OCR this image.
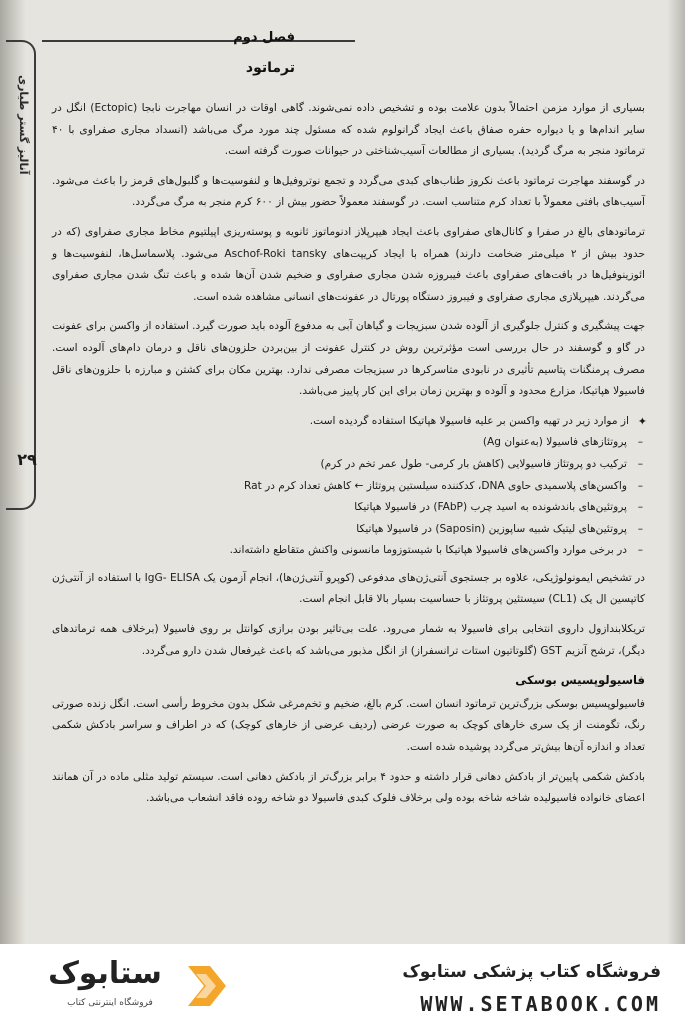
آنالیز گستر طیاری
۲۹
فصل دوم
ترماتود

بسیاری از موارد مزمن احتمالاً بدون علامت بوده و تشخیص داده نمی‌شوند. گاهی اوقات در انسان مهاجرت نابجا (Ectopic) انگل در سایر اندام‌ها و یا دیواره حفره صفاق باعث ایجاد گرانولوم شده که مسئول چند مورد مرگ می‌باشد (انسداد مجاری صفراوی با ۴۰ ترماتود منجر به مرگ گردید). بسیاری از مطالعات آسیب‌شناختی در حیوانات صورت گرفته است.

در گوسفند مهاجرت ترماتود باعث نکروز طناب‌های کبدی می‌گردد و تجمع نوتروفیل‌ها و لنفوسیت‌ها و گلبول‌های قرمز را باعث می‌شود. آسیب‌های بافتی معمولاً با تعداد کرم متناسب است. در گوسفند معمولاً حضور بیش از ۶۰۰ کرم منجر به مرگ می‌گردد.

ترماتودهای بالغ در صفرا و کانال‌های صفراوی باعث ایجاد هیپرپلاز ادنوماتوز ثانویه و پوسته‌ریزی اپیلتیوم مخاط مجاری صفراوی (که در حدود بیش از ۲ میلی‌متر ضخامت دارند) همراه با ایجاد کریپت‌های Aschof-Roki tansky می‌شود. پلاسماسل‌ها، لنفوسیت‌ها و ائوزینوفیل‌ها در بافت‌های صفراوی باعث فیبروزه شدن مجاری صفراوی و ضخیم شدن آن‌ها شده و باعث تنگ شدن مجاری صفراوی می‌گردند. هیپرپلازی مجاری صفراوی و فیبروز دستگاه پورتال در عفونت‌های انسانی مشاهده شده است.

جهت پیشگیری و کنترل جلوگیری از آلوده شدن سبزیجات و گیاهان آبی به مدفوع آلوده باید صورت گیرد. استفاده از واکسن برای عفونت در گاو و گوسفند در حال بررسی است مؤثرترین روش در کنترل عفونت از بین‌بردن حلزون‌های ناقل و درمان دام‌های آلوده است. مصرف پرمنگنات پتاسیم تأثیری در نابودی متاسرکرها در سبزیجات مصرفی ندارد. بهترین مکان برای کشتن و مبارزه با حلزون‌های ناقل فاسیولا هپاتیکا، مزارع محدود و آلوده و بهترین زمان برای این کار پاییز می‌باشد.

✦
از موارد زیر در تهیه واکسن بر علیه فاسیولا هپاتیکا استفاده گردیده است.
– پروتئازهای فاسیولا (به‌عنوان Ag)
– ترکیب دو پروتئاز فاسیولایی (کاهش بار کرمی- طول عمر تخم در کرم)
– واکسن‌های پلاسمیدی حاوی DNA، کدکننده سیلستین پروتئاز ← کاهش تعداد کرم در Rat
– پروتئین‌های باندشونده به اسید چرب (FAbP) در فاسیولا هپاتیکا
– پروتئین‌های لیتیک شبیه ساپوزین (Saposin) در فاسیولا هپاتیکا
– در برخی موارد واکسن‌های فاسیولا هپاتیکا با شیستوزوما مانسونی واکنش متقاطع داشته‌اند.

در تشخیص ایمونولوژیکی، علاوه بر جستجوی آنتی‌ژن‌های مدفوعی (کوپرو آنتی‌ژن‌ها)، انجام آزمون یک IgG- ELISA با استفاده از آنتی‌ژن کاتپسین ال یک (CL1) سیستئین پروتئاز با حساسیت بسیار بالا قابل انجام است.

تریکلابندازول داروی انتخابی برای فاسیولا به شمار می‌رود. علت بی‌تاثیر بودن برازی کوانتل بر روی فاسیولا (برخلاف همه ترماتدهای دیگر)، ترشح آنزیم GST (گلوتاتیون استات ترانسفراز) از انگل مذبور می‌باشد که باعث غیرفعال شدن دارو می‌گردد.

فاسیولوپسیس بوسکی

فاسیولوپسیس بوسکی بزرگ‌ترین ترماتود انسان است. کرم بالغ، ضخیم و تخم‌مرغی شکل بدون مخروط رأسی است. انگل زنده صورتی رنگ، تگومنت از یک سری خارهای کوچک به صورت عرضی (ردیف عرضی از خارهای کوچک) که در اطراف و سراسر بادکش شکمی تعداد و اندازه آن‌ها بیش‌تر می‌گردد پوشیده شده است.

بادکش شکمی پایین‌تر از بادکش دهانی قرار داشته و حدود ۴ برابر بزرگ‌تر از بادکش دهانی است. سیستم تولید مثلی ماده در آن همانند اعضای خانواده فاسیولیده شاخه شاخه بوده ولی برخلاف فلوک کبدی فاسیولا دو شاخه روده فاقد انشعاب می‌باشد.

فروشگاه کتاب پزشکی ستابوک
WWW.SETABOOK.COM
ستابوک
فروشگاه اینترنتی کتاب
